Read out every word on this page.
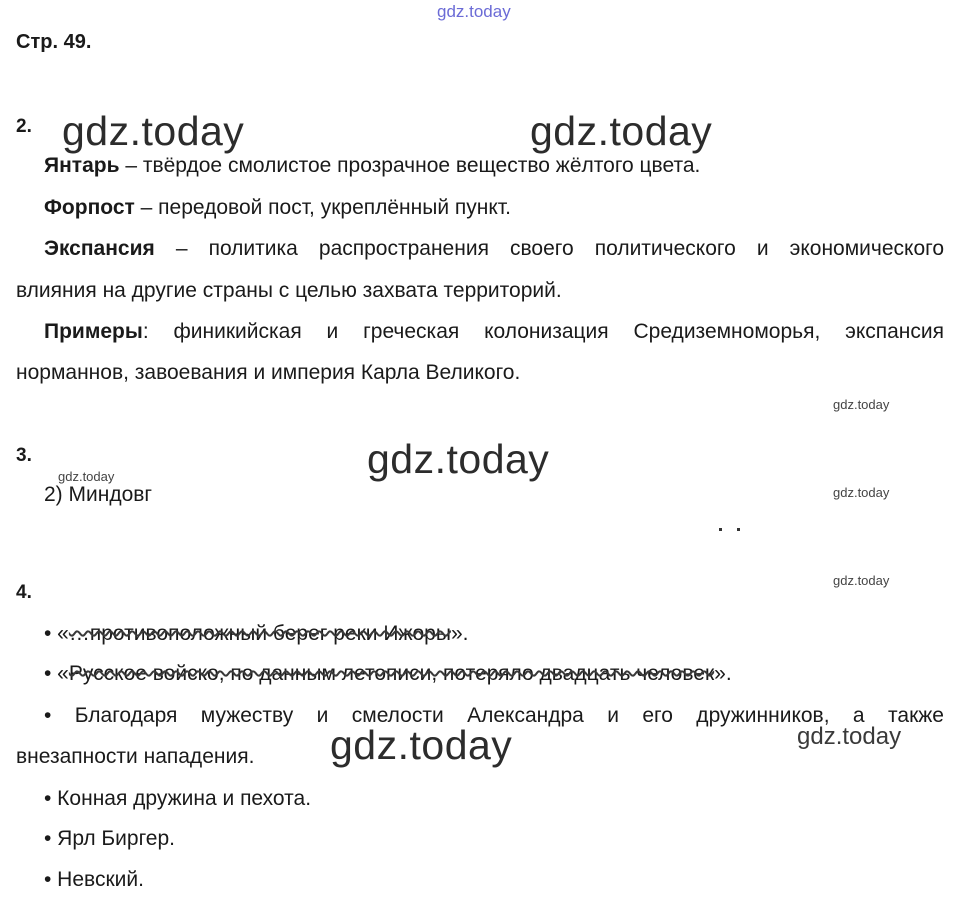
gdz.today
Стр. 49.
2.
Янтарь – твёрдое смолистое прозрачное вещество жёлтого цвета.
Форпост – передовой пост, укреплённый пункт.
Экспансия – политика распространения своего политического и экономического
влияния на другие страны с целью захвата территорий.
Примеры: финикийская и греческая колонизация Средиземноморья, экспансия
норманнов, завоевания и империя Карла Великого.
3.
2) Миндовг
4.
• «…противоположный берег реки Ижоры».
• «Русское войско, по данным летописи, потеряло двадцать человек».
• Благодаря мужеству и смелости Александра и его дружинников, а также
внезапности нападения.
• Конная дружина и пехота.
• Ярл Биргер.
• Невский.
gdz.today	gdz.today
gdz.today
gdz.today
gdz.today
gdz.today
gdz.today
gdz.today	gdz.today
